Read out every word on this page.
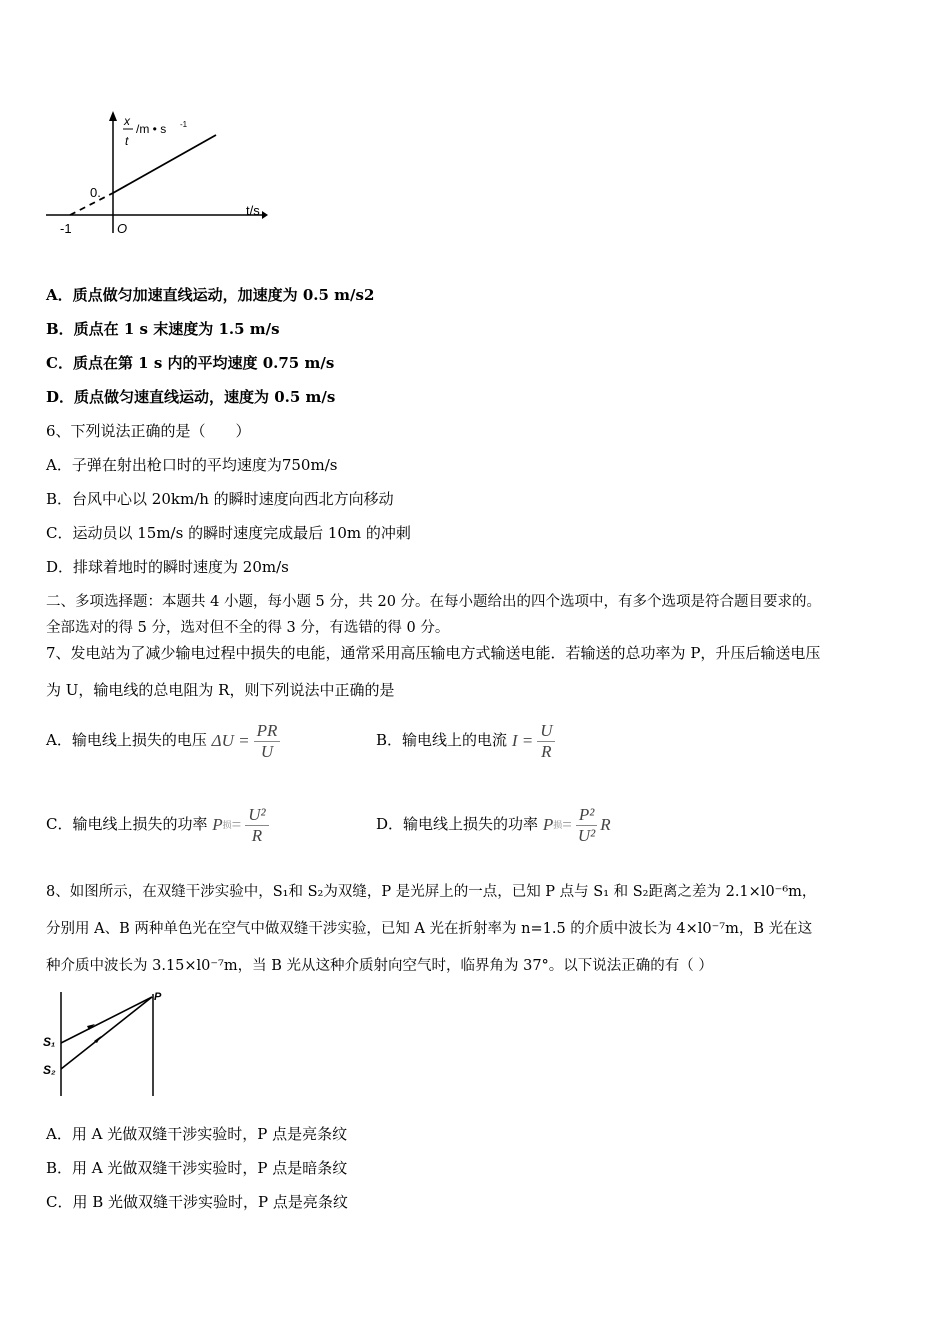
x
t
/m • s -1
t/s
0.
-1	O
A．质点做匀加速直线运动，加速度为 0.5 m/s2
B．质点在 1 s 末速度为 1.5 m/s
C．质点在第 1 s 内的平均速度 0.75 m/s
D．质点做匀速直线运动，速度为 0.5 m/s
6、下列说法正确的是（　　）
A．子弹在射出枪口时的平均速度为750m/s
B．台风中心以 20km/h 的瞬时速度向西北方向移动
C．运动员以 15m/s 的瞬时速度完成最后 10m 的冲刺
D．排球着地时的瞬时速度为 20m/s
二、多项选择题：本题共 4 小题，每小题 5 分，共 20 分。在每小题给出的四个选项中，有多个选项是符合题目要求的。
全部选对的得 5 分，选对但不全的得 3 分，有选错的得 0 分。
7、发电站为了减少输电过程中损失的电能，通常采用高压输电方式输送电能．若输送的总功率为 P，升压后输送电压
为 U，输电线的总电阻为 R，则下列说法中正确的是
A．输电线上损失的电压 $\Delta U = \frac{PR}{U}$	B．输电线上的电流 $I = \frac{U}{R}$
C．输电线上损失的功率 P 损 = $\frac{\text{U²}}{R}$	D．输电线上损失的功率 P 损 = $\frac{\text{P²}}{\text{U²}}$ R
8、如图所示，在双缝干涉实验中，S₁和 S₂为双缝，P 是光屏上的一点，已知 P 点与 S₁ 和 S₂距离之差为 2.1×l0⁻⁶m，
分别用 A、B 两种单色光在空气中做双缝干涉实验，已知 A 光在折射率为 n=1.5 的介质中波长为 4×l0⁻⁷m，B 光在这
种介质中波长为 3.15×l0⁻⁷m，当 B 光从这种介质射向空气时，临界角为 37°。以下说法正确的有（ ）
S₁
S₂
P
A．用 A 光做双缝干涉实验时，P 点是亮条纹
B．用 A 光做双缝干涉实验时，P 点是暗条纹
C．用 B 光做双缝干涉实验时，P 点是亮条纹
